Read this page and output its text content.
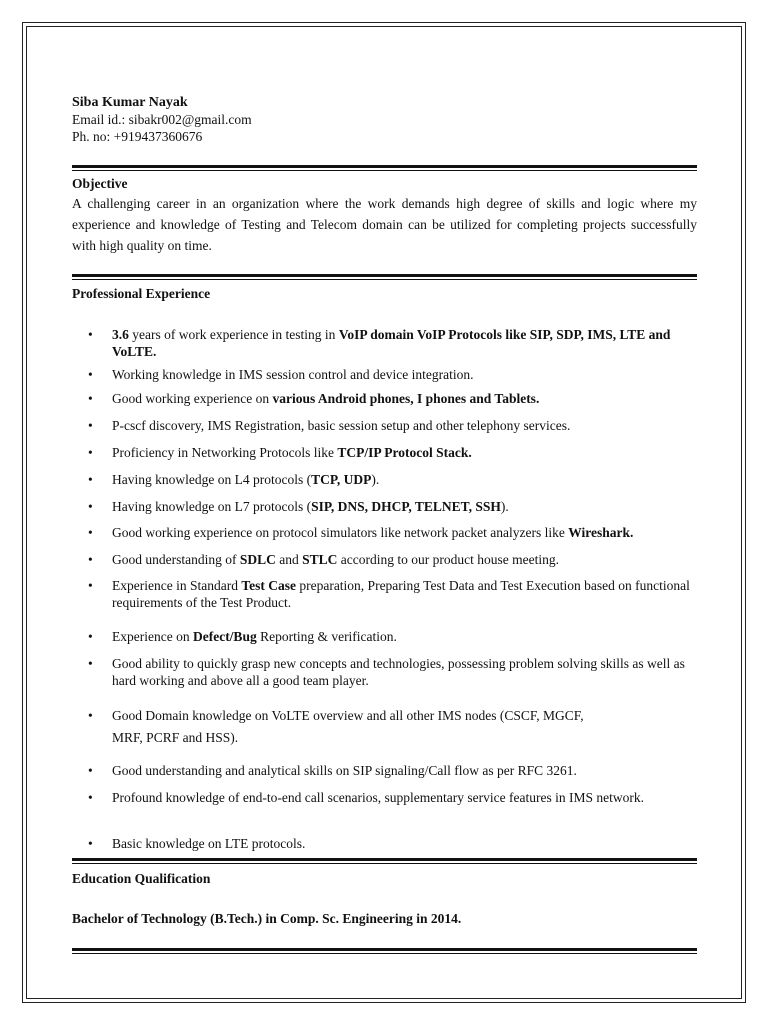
Siba Kumar Nayak
Email id.: sibakr002@gmail.com
Ph. no: +919437360676
Objective
A challenging career in an organization where the work demands high degree of skills and logic where my experience and knowledge of Testing and Telecom domain can be utilized for completing projects successfully with high quality on time.
Professional Experience
• 3.6 years of work experience in testing in VoIP domain VoIP Protocols like SIP, SDP, IMS, LTE and VoLTE.
• Working knowledge in IMS session control and device integration.
• Good working experience on various Android phones, I phones and Tablets.
• P-cscf discovery, IMS Registration, basic session setup and other telephony services.
• Proficiency in Networking Protocols like TCP/IP Protocol Stack.
• Having knowledge on L4 protocols (TCP, UDP).
• Having knowledge on L7 protocols (SIP, DNS, DHCP, TELNET, SSH).
• Good working experience on protocol simulators like network packet analyzers like Wireshark.
• Good understanding of SDLC and STLC according to our product house meeting.
• Experience in Standard Test Case preparation, Preparing Test Data and Test Execution based on functional requirements of the Test Product.
• Experience on Defect/Bug Reporting & verification.
• Good ability to quickly grasp new concepts and technologies, possessing problem solving skills as well as hard working and above all a good team player.
• Good Domain knowledge on VoLTE overview and all other IMS nodes (CSCF, MGCF,
MRF, PCRF and HSS).
• Good understanding and analytical skills on SIP signaling/Call flow as per RFC 3261.
• Profound knowledge of end-to-end call scenarios, supplementary service features in IMS network.
• Basic knowledge on LTE protocols.
Education Qualification
Bachelor of Technology (B.Tech.) in Comp. Sc. Engineering in 2014.
